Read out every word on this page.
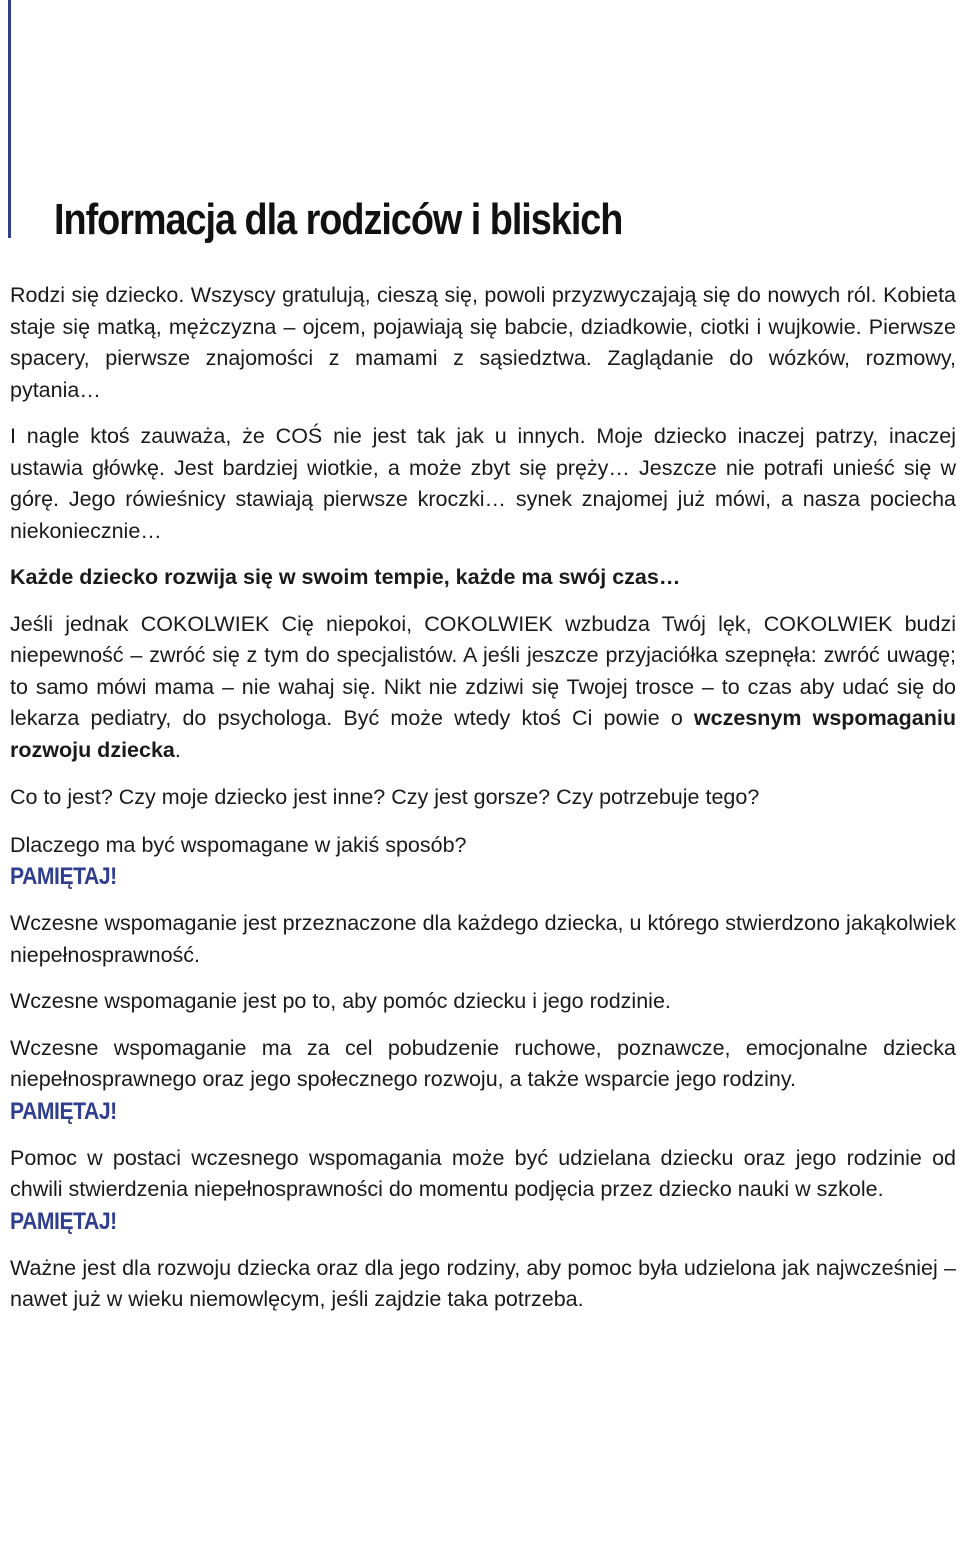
Informacja dla rodziców i bliskich

Rodzi się dziecko. Wszyscy gratulują, cieszą się, powoli przyzwyczajają się do nowych ról. Kobieta staje się matką, mężczyzna – ojcem, pojawiają się babcie, dziadkowie, ciotki i wujkowie. Pierwsze spacery, pierwsze znajomości z mamami z sąsiedztwa. Zaglądanie do wózków, rozmowy, pytania…

I nagle ktoś zauważa, że COŚ nie jest tak jak u innych. Moje dziecko inaczej patrzy, inaczej ustawia główkę. Jest bardziej wiotkie, a może zbyt się pręży… Jeszcze nie potrafi unieść się w górę. Jego rówieśnicy stawiają pierwsze kroczki… synek znajomej już mówi, a nasza pociecha niekoniecznie…

Każde dziecko rozwija się w swoim tempie, każde ma swój czas…

Jeśli jednak COKOLWIEK Cię niepokoi, COKOLWIEK wzbudza Twój lęk, COKOLWIEK budzi niepewność – zwróć się z tym do specjalistów. A jeśli jeszcze przyjaciółka szepnęła: zwróć uwagę; to samo mówi mama – nie wahaj się. Nikt nie zdziwi się Twojej trosce – to czas aby udać się do lekarza pediatry, do psychologa. Być może wtedy ktoś Ci powie o wczesnym wspomaganiu rozwoju dziecka.

Co to jest? Czy moje dziecko jest inne? Czy jest gorsze? Czy potrzebuje tego?

Dlaczego ma być wspomagane w jakiś sposób?

PAMIĘTAJ!

Wczesne wspomaganie jest przeznaczone dla każdego dziecka, u którego stwierdzono jakąkolwiek niepełnosprawność.

Wczesne wspomaganie jest po to, aby pomóc dziecku i jego rodzinie.

Wczesne wspomaganie ma za cel pobudzenie ruchowe, poznawcze, emocjonalne dziecka niepełnosprawnego oraz jego społecznego rozwoju, a także wsparcie jego rodziny.

PAMIĘTAJ!

Pomoc w postaci wczesnego wspomagania może być udzielana dziecku oraz jego rodzinie od chwili stwierdzenia niepełnosprawności do momentu podjęcia przez dziecko nauki w szkole.

PAMIĘTAJ!

Ważne jest dla rozwoju dziecka oraz dla jego rodziny, aby pomoc była udzielona jak najwcześniej – nawet już w wieku niemowlęcym, jeśli zajdzie taka potrzeba.
